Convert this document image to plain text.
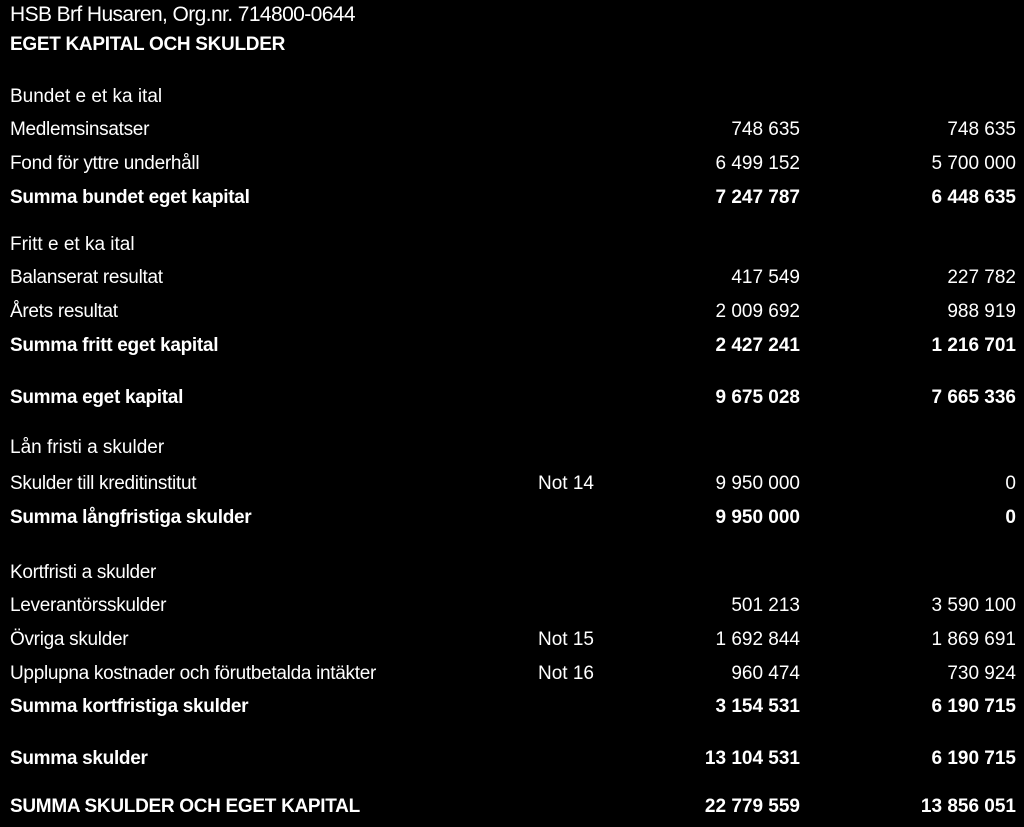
HSB Brf Husaren, Org.nr. 714800-0644
EGET KAPITAL OCH SKULDER
Bundet e et ka ital
Medlemsinsatser	748 635	748 635
Fond för yttre underhåll	6 499 152	5 700 000
Summa bundet eget kapital	7 247 787	6 448 635
Fritt e et ka ital
Balanserat resultat	417 549	227 782
Årets resultat	2 009 692	988 919
Summa fritt eget kapital	2 427 241	1 216 701
Summa eget kapital	9 675 028	7 665 336
Lån fristi a skulder
Skulder till kreditinstitut	Not 14	9 950 000	0
Summa långfristiga skulder	9 950 000	0
Kortfristi a skulder
Leverantörsskulder	501 213	3 590 100
Övriga skulder	Not 15	1 692 844	1 869 691
Upplupna kostnader och förutbetalda intäkter	Not 16	960 474	730 924
Summa kortfristiga skulder	3 154 531	6 190 715
Summa skulder	13 104 531	6 190 715
SUMMA SKULDER OCH EGET KAPITAL	22 779 559	13 856 051
